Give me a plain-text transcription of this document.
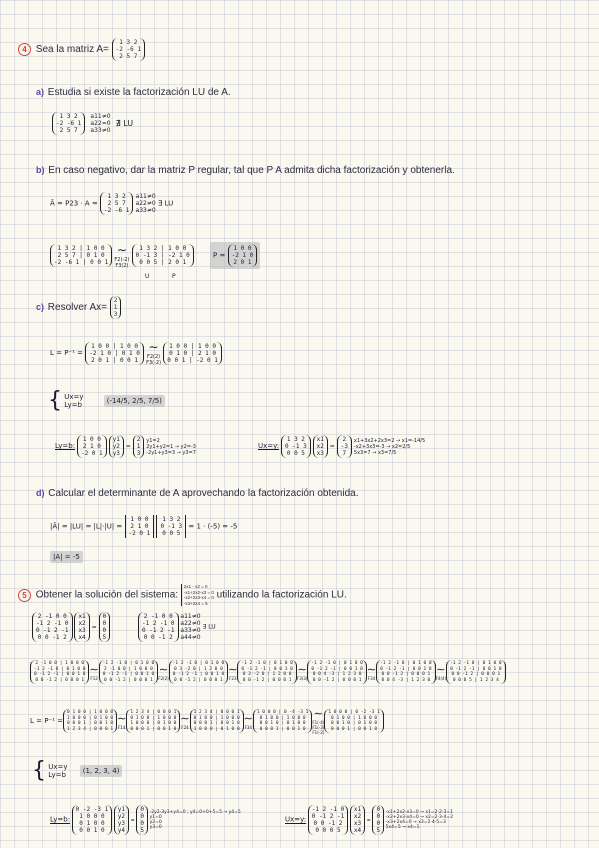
4 Sea la matriz A=
1 3 2
-2 -6 1
2 5 7
a) Estudia si existe la factorización LU de A.
1 3 2
-2 -6 1
2 5 7

a11≠0
a22=0
a33≠0
∄ LU
b) En caso negativo, dar la matriz P regular, tal que P A admita dicha factorización y obtenerla.
Ã = P23 · A =
1 3 2
2 5 7
-2 -6 1

a11≠0
a22≠0
a33≠0
∃ LU
1 3 2 | 1 0 0
2 5 7 | 0 1 0
-2 -6 1 | 0 0 1

∼
F2(-2)
F3(2)

1 3 2 | 1 0 0
0 -1 3 | -2 1 0
0 0 5 | 2 0 1
P =
1 0 0
-2 1 0
2 0 1
U	P
c) Resolver Ax=
2
1
3
L = P⁻¹ =
1 0 0 | 1 0 0
-2 1 0 | 0 1 0
2 0 1 | 0 0 1

∼
F2(2)
F3(-2)

1 0 0 | 1 0 0
0 1 0 | 2 1 0
0 0 1 | -2 0 1
{ Ux=y
Ly=b	(-14/5, 2/5, 7/5)
Ly=b:
1 0 0
2 1 0
-2 0 1

y1
y2
y3
=
2
1
3

y1=2
2y1+y2=1 → y2=-3
-2y1+y3=3 → y3=7
Ux=y:
1 3 2
0 -1 3
0 0 5

x1
x2
x3
=
2
-3
7

x1+3x2+2x3=2 → x1=-14/5
-x2+3x3=-3 → x2=2/5
5x3=7 → x3=7/5
d) Calcular el determinante de A aprovechando la factorización obtenida.
|Ã| = |LU| = |L|·|U| =
1 0 0
2 1 0
-2 0 1

1 3 2
0 -1 3
0 0 5
= 1 · (-5) = -5
|A| = -5
5 Obtener la solución del sistema:
2x1 - x2 = 0
-x1+2x2-x3 = 0
-x2+2x3-x4 = 0
-x3+2x4 = 5
utilizando la factorización LU.
2 -1 0 0
-1 2 -1 0
0 -1 2 -1
0 0 -1 2

x1
x2
x3
x4
=
0
0
0
5

2 -1 0 0
-1 2 -1 0
0 -1 2 -1
0 0 -1 2

a11≠0
a22≠0
a33≠0
a44≠0
∃ LU
2 -1 0 0 | 1 0 0 0
-1 2 -1 0 | 0 1 0 0
0 -1 2 -1 | 0 0 1 0
0 0 -1 2 | 0 0 0 1
∼
F12
-1 2 -1 0 | 0 1 0 0
2 -1 0 0 | 1 0 0 0
0 -1 2 -1 | 0 0 1 0
0 0 -1 2 | 0 0 0 1
∼
F2(2)
-1 2 -1 0 | 0 1 0 0
0 3 -2 0 | 1 2 0 0
0 -1 2 -1 | 0 0 1 0
0 0 -1 2 | 0 0 0 1
∼
F23
-1 2 -1 0 | 0 1 0 0
0 -1 2 -1 | 0 0 1 0
0 3 -2 0 | 1 2 0 0
0 0 -1 2 | 0 0 0 1
∼
F3(3)
-1 2 -1 0 | 0 1 0 0
0 -1 2 -1 | 0 0 1 0
0 0 4 -3 | 1 2 3 0
0 0 -1 2 | 0 0 0 1
∼
F34
-1 2 -1 0 | 0 1 0 0
0 -1 2 -1 | 0 0 1 0
0 0 -1 2 | 0 0 0 1
0 0 4 -3 | 1 2 3 0
∼
F4(4)
-1 2 -1 0 | 0 1 0 0
0 -1 2 -1 | 0 0 1 0
0 0 -1 2 | 0 0 0 1
0 0 0 5 | 1 2 3 4
L = P⁻¹ =
0 1 0 0 | 1 0 0 0
1 0 0 0 | 0 1 0 0
0 0 0 1 | 0 0 1 0
1 2 3 4 | 0 0 0 1
∼
F14
1 2 3 4 | 0 0 0 1
0 1 0 0 | 1 0 0 0
1 0 0 0 | 0 1 0 0
0 0 0 1 | 0 0 1 0
∼
F24
1 2 3 4 | 0 0 0 1
0 1 0 0 | 1 0 0 0
0 0 0 1 | 0 0 1 0
1 0 0 0 | 0 1 0 0
∼
F34
1 0 0 0 | 0 -4 -3 1
0 1 0 0 | 1 0 0 0
0 0 1 0 | 0 1 0 0
0 0 0 1 | 0 0 1 0
∼
F1(-4)
F1(-3)
F1(-2)
1 0 0 0 | 0 -2 -3 1
0 1 0 0 | 1 0 0 0
0 0 1 0 | 0 1 0 0
0 0 0 1 | 0 0 1 0
{ Ux=y
Ly=b (1, 2, 3, 4)
Ly=b:
0 -2 -3 1
1 0 0 0
0 1 0 0
0 0 1 0

y1
y2
y3
y4
=
0
0
0
5

-2y2-3y3+y4=0 ; y4=0+0+5=5 → y4=5
y1=0
y2=0
y3=0
Ux=y:
-1 2 -1 0
0 -1 2 -1
0 0 -1 2
0 0 0 5

x1
x2
x3
x4
=
0
0
0
5

-x1+2x2-x3=0 → x1=2·2-3=1
-x2+2x3-x4=0 → x2=2·3-4=2
-x3+2x4=0 → x3=2·4-5=3
5x4=5 → x4=1
